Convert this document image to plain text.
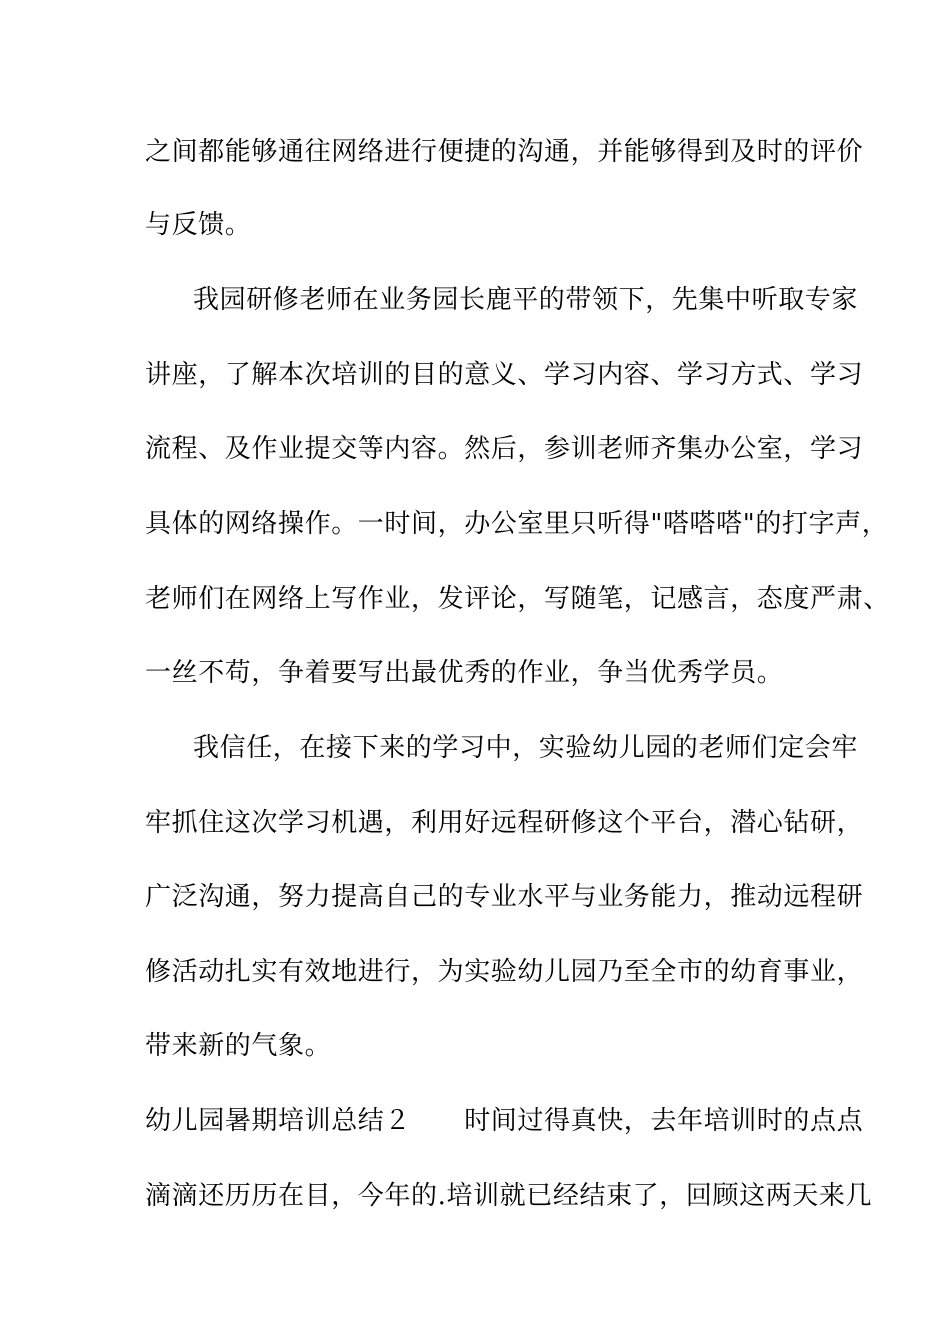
之间都能够通往网络进行便捷的沟通，并能够得到及时的评价
与反馈。
我园研修老师在业务园长鹿平的带领下，先集中听取专家
讲座，了解本次培训的目的意义、学习内容、学习方式、学习
流程、及作业提交等内容。然后，参训老师齐集办公室，学习
具体的网络操作。一时间，办公室里只听得"嗒嗒嗒"的打字声，
老师们在网络上写作业，发评论，写随笔，记感言，态度严肃、
一丝不苟，争着要写出最优秀的作业，争当优秀学员。
我信任，在接下来的学习中，实验幼儿园的老师们定会牢
牢抓住这次学习机遇，利用好远程研修这个平台，潜心钻研，
广泛沟通，努力提高自己的专业水平与业务能力，推动远程研
修活动扎实有效地进行，为实验幼儿园乃至全市的幼育事业，
带来新的气象。
幼儿园暑期培训总结２　　时间过得真快，去年培训时的点点
滴滴还历历在目，今年的.培训就已经结束了，回顾这两天来几
